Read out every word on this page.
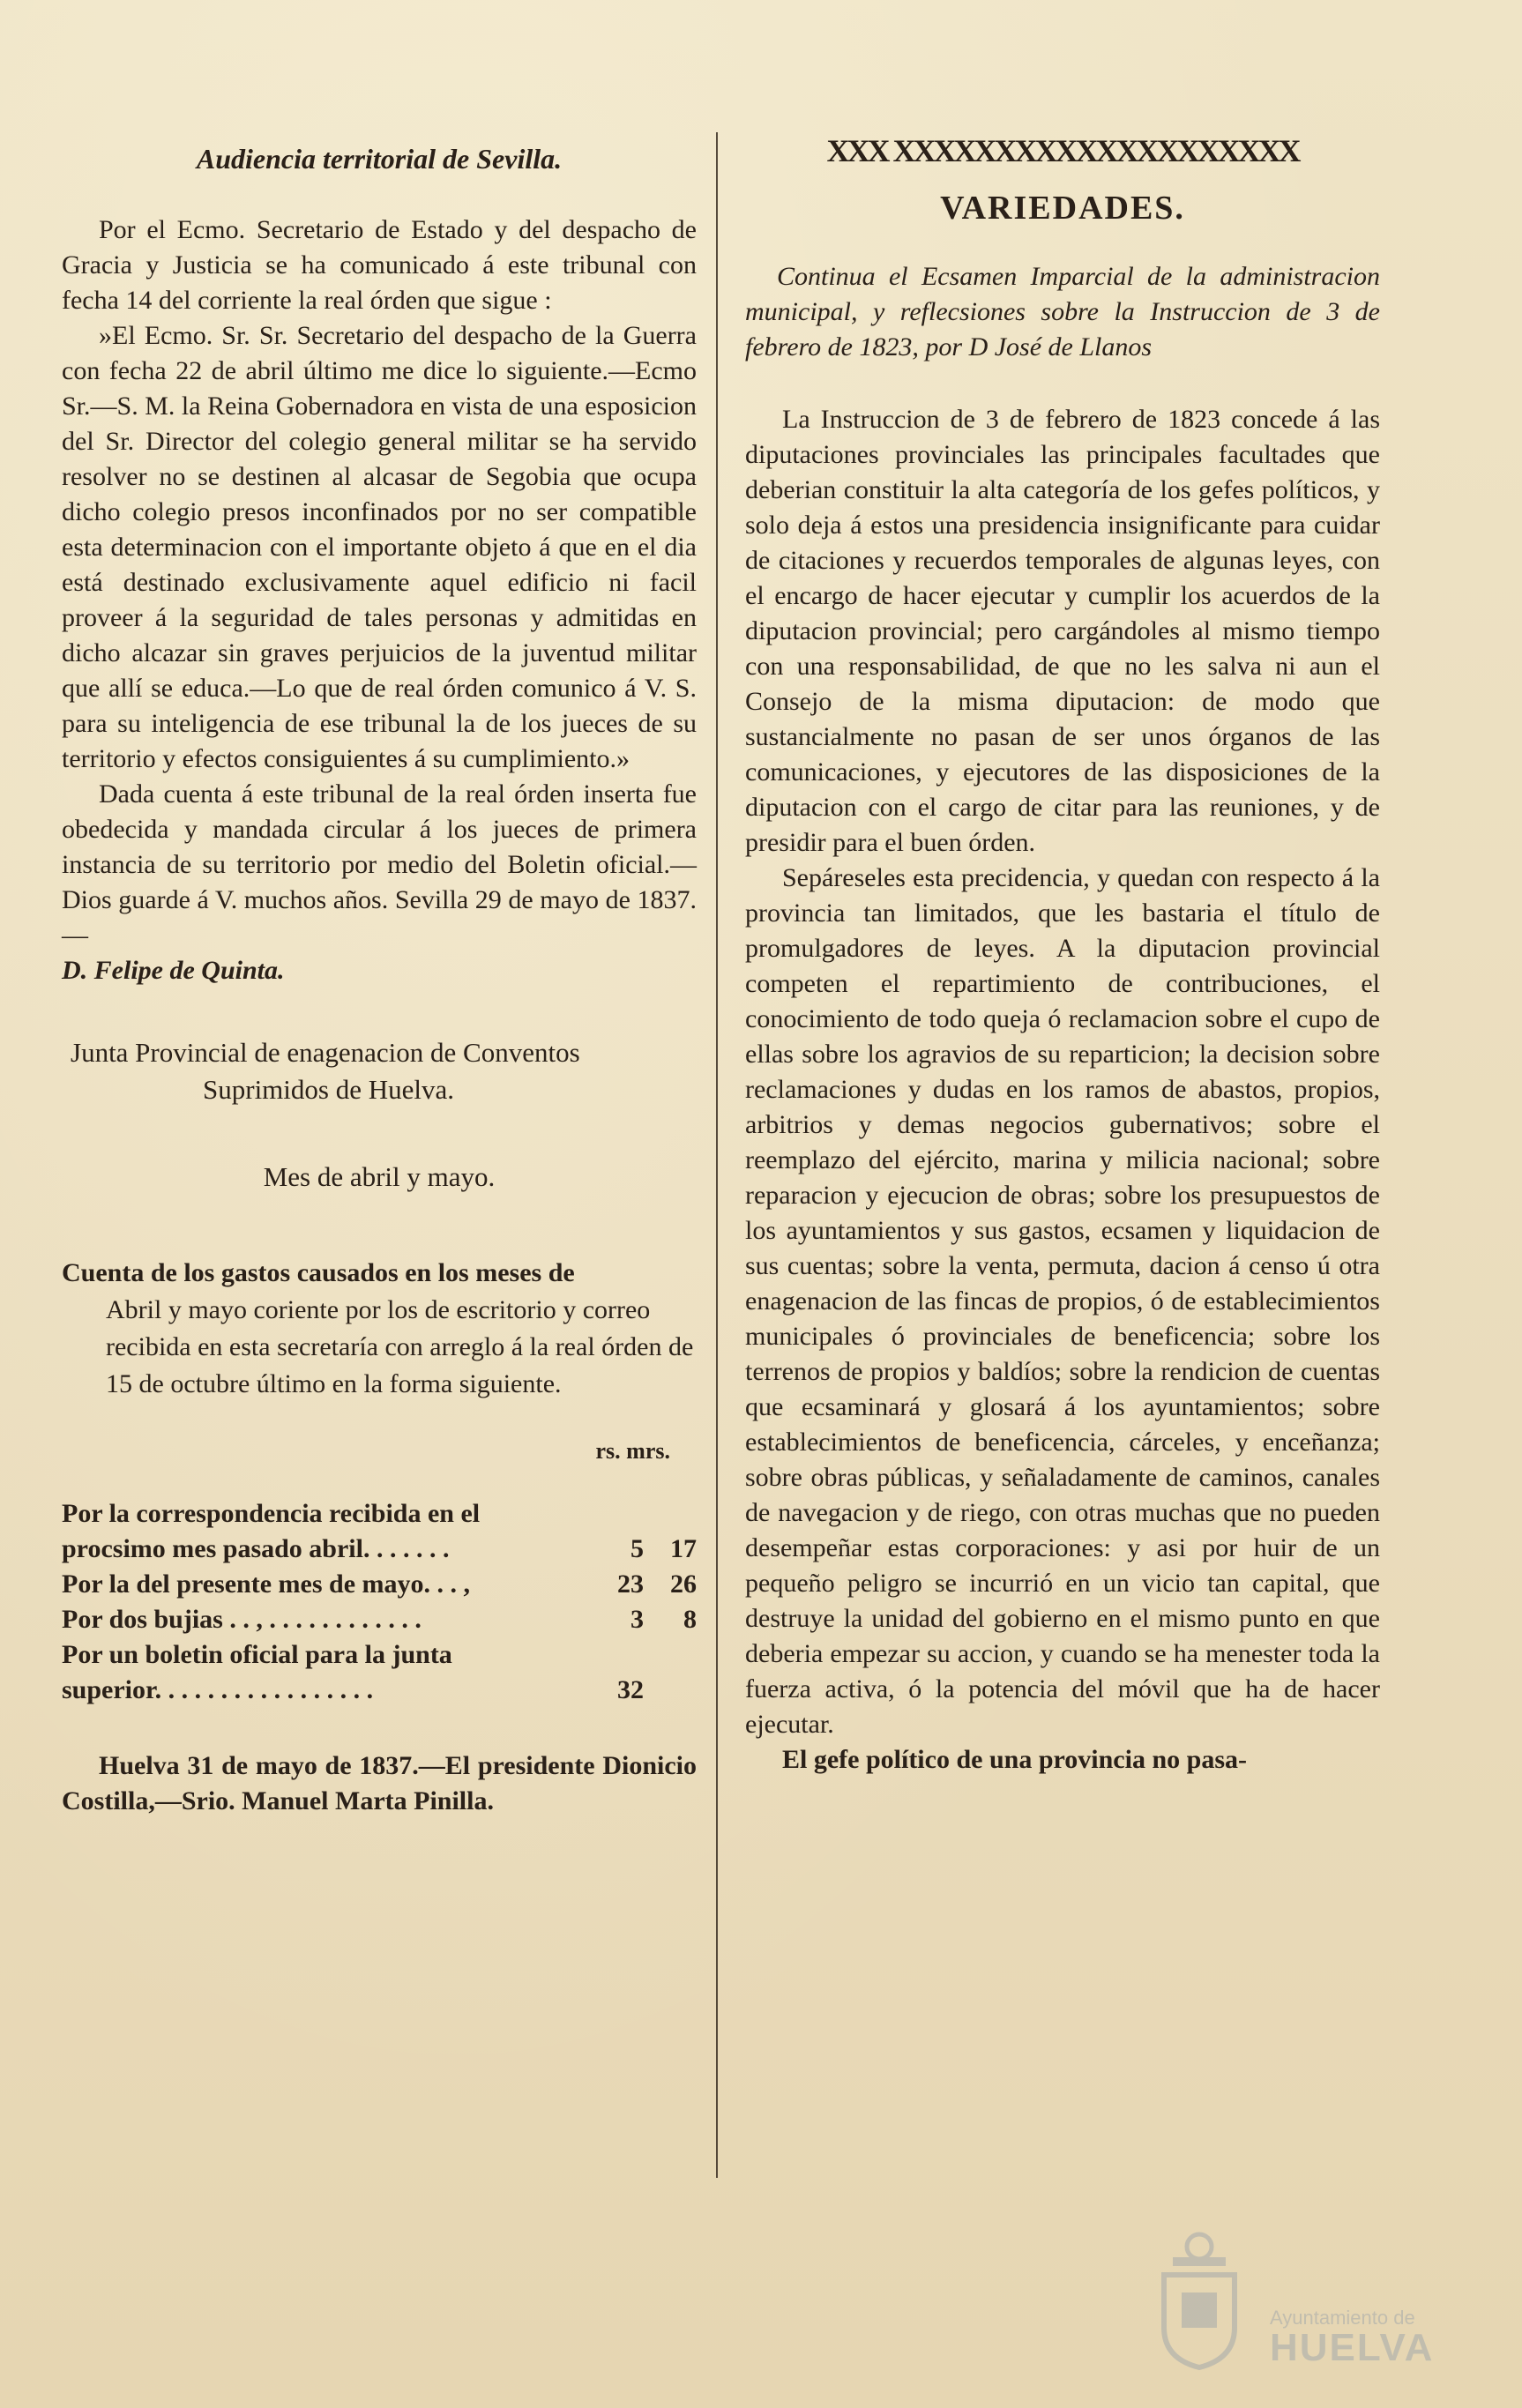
Audiencia territorial de Sevilla.

Por el Ecmo. Secretario de Estado y del despacho de Gracia y Justicia se ha comunicado á este tribunal con fecha 14 del corriente la real órden que sigue :

»El Ecmo. Sr. Sr. Secretario del despacho de la Guerra con fecha 22 de abril último me dice lo siguiente.—Ecmo Sr.—S. M. la Reina Gobernadora en vista de una esposicion del Sr. Director del colegio general militar se ha servido resolver no se destinen al alcasar de Segobia que ocupa dicho colegio presos inconfinados por no ser compatible esta determinacion con el importante objeto á que en el dia está destinado exclusivamente aquel edificio ni facil proveer á la seguridad de tales personas y admitidas en dicho alcazar sin graves perjuicios de la juventud militar que allí se educa.—Lo que de real órden comunico á V. S. para su inteligencia de ese tribunal la de los jueces de su territorio y efectos consiguientes á su cumplimiento.»

Dada cuenta á este tribunal de la real órden inserta fue obedecida y mandada circular á los jueces de primera instancia de su territorio por medio del Boletin oficial.—Dios guarde á V. muchos años. Sevilla 29 de mayo de 1837.—

D. Felipe de Quinta.

Junta Provincial de enagenacion de Conventos
Suprimidos de Huelva.
Mes de abril y mayo.
Cuenta de los gastos causados en los meses de
Abril y mayo coriente por los de escritorio y correo recibida en esta secretaría con arreglo á la real órden de 15 de octubre último en la forma siguiente.
rs. mrs.
Por la correspondencia recibida en el
procsimo mes pasado abril. . . . . . .	5	17
Por la del presente mes de mayo. . . ,	23	26
Por dos bujias . . , . . . . . . . . . . . .	3	8
Por un boletin oficial para la junta
superior. . . . . . . . . . . . . . . . .	32

Huelva 31 de mayo de 1837.—El presidente Dionicio Costilla,—Srio. Manuel Marta Pinilla.

XXX XXXXXXXXXXXXXXXXXXXX
VARIEDADES.

Continua el Ecsamen Imparcial de la administracion municipal, y reflecsiones sobre la Instruccion de 3 de febrero de 1823, por D José de Llanos

La Instruccion de 3 de febrero de 1823 concede á las diputaciones provinciales las principales facultades que deberian constituir la alta categoría de los gefes políticos, y solo deja á estos una presidencia insignificante para cuidar de citaciones y recuerdos temporales de algunas leyes, con el encargo de hacer ejecutar y cumplir los acuerdos de la diputacion provincial; pero cargándoles al mismo tiempo con una responsabilidad, de que no les salva ni aun el Consejo de la misma diputacion: de modo que sustancialmente no pasan de ser unos órganos de las comunicaciones, y ejecutores de las disposiciones de la diputacion con el cargo de citar para las reuniones, y de presidir para el buen órden.

Sepáreseles esta precidencia, y quedan con respecto á la provincia tan limitados, que les bastaria el título de promulgadores de leyes. A la diputacion provincial competen el repartimiento de contribuciones, el conocimiento de todo queja ó reclamacion sobre el cupo de ellas sobre los agravios de su reparticion; la decision sobre reclamaciones y dudas en los ramos de abastos, propios, arbitrios y demas negocios gubernativos; sobre el reemplazo del ejército, marina y milicia nacional; sobre reparacion y ejecucion de obras; sobre los presupuestos de los ayuntamientos y sus gastos, ecsamen y liquidacion de sus cuentas; sobre la venta, permuta, dacion á censo ú otra enagenacion de las fincas de propios, ó de establecimientos municipales ó provinciales de beneficencia; sobre los terrenos de propios y baldíos; sobre la rendicion de cuentas que ecsaminará y glosará á los ayuntamientos; sobre establecimientos de beneficencia, cárceles, y enceñanza; sobre obras públicas, y señaladamente de caminos, canales de navegacion y de riego, con otras muchas que no pueden desempeñar estas corporaciones: y asi por huir de un pequeño peligro se incurrió en un vicio tan capital, que destruye la unidad del gobierno en el mismo punto en que deberia empezar su accion, y cuando se ha menester toda la fuerza activa, ó la potencia del móvil que ha de hacer ejecutar.

El gefe político de una provincia no pasa-

Ayuntamiento de
HUELVA
